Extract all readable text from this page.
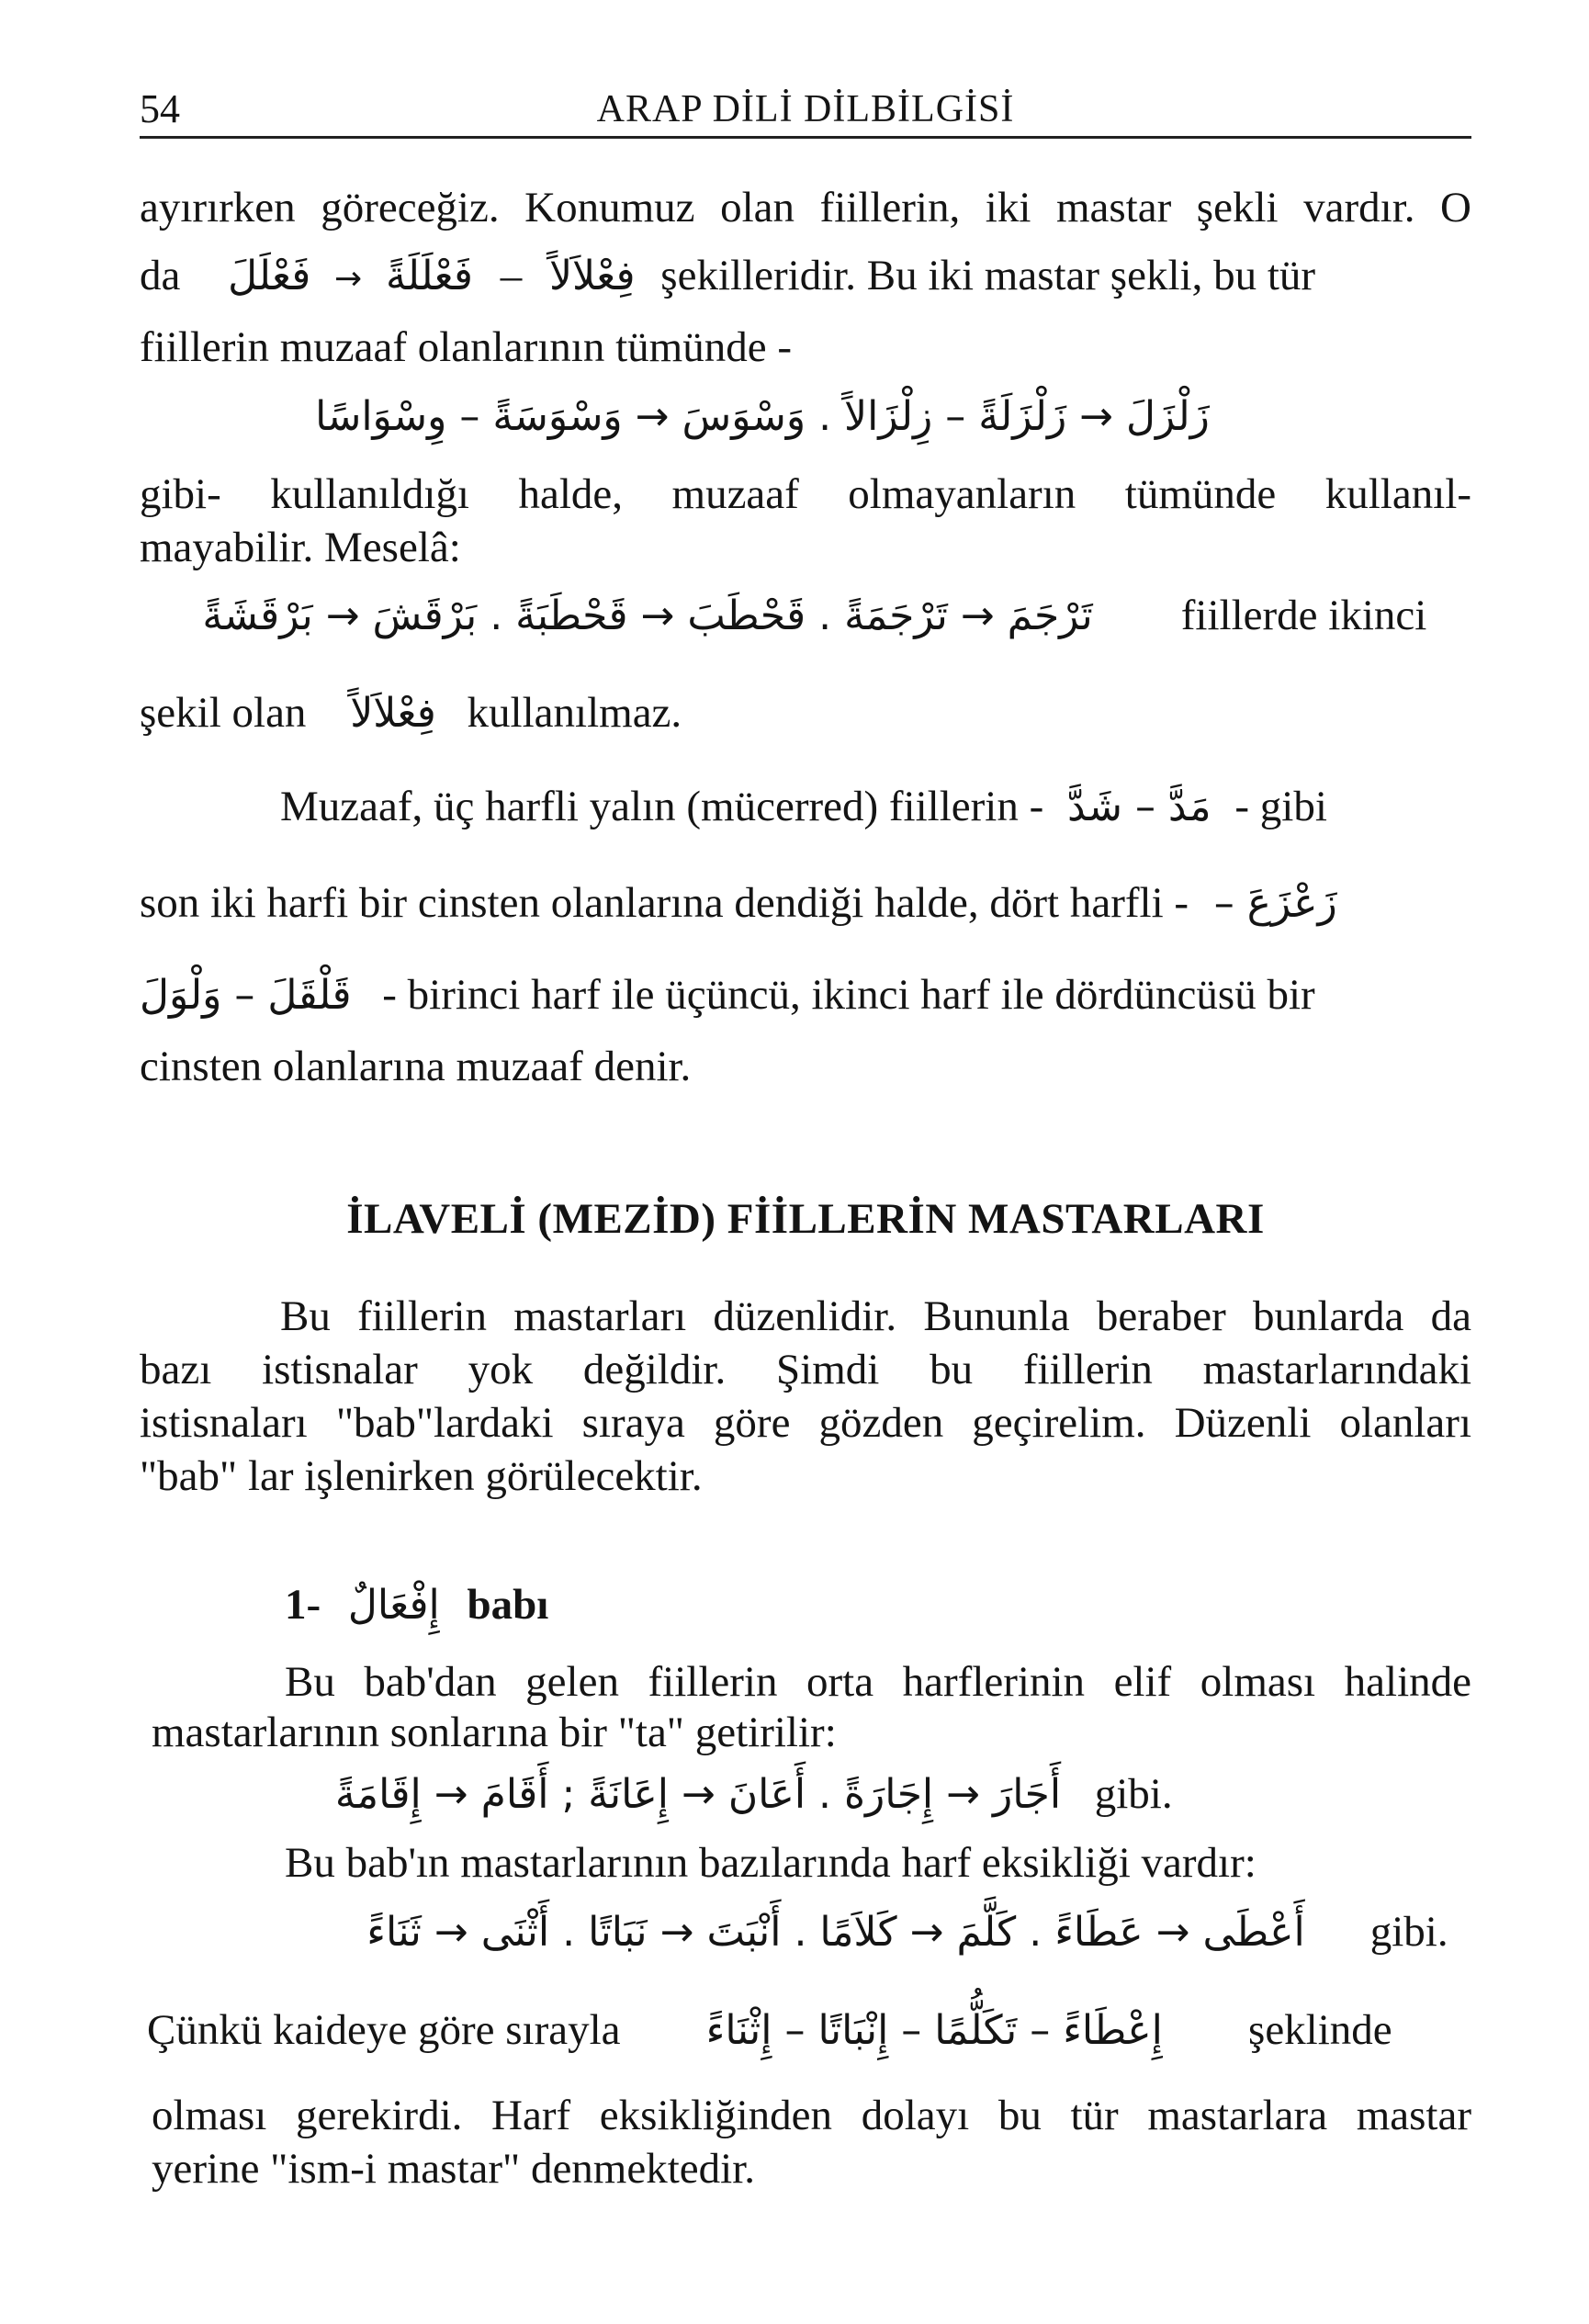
54	ARAP DİLİ DİLBİLGİSİ
ayırırken göreceğiz. Konumuz olan fiillerin, iki mastar şekli vardır. O
da فَعْلَلَ → فَعْلَلَةً – فِعْلاَلاً şekilleridir. Bu iki mastar şekli, bu tür
fiillerin muzaaf olanlarının tümünde -
زَلْزَلَ → زَلْزَلَةً – زِلْزَالاً . وَسْوَسَ → وَسْوَسَةً – وِسْوَاسًا
gibi- kullanıldığı halde, muzaaf olmayanların tümünde kullanıl-
mayabilir. Meselâ:
تَرْجَمَ → تَرْجَمَةً . قَحْطَبَ → قَحْطَبَةً . بَرْقَشَ → بَرْقَشَةً fiillerde ikinci
şekil olan فِعْلاَلاً kullanılmaz.
Muzaaf, üç harfli yalın (mücerred) fiillerin - مَدَّ – شَدَّ - gibi
son iki harfi bir cinsten olanlarına dendiği halde, dört harfli - زَعْزَعَ –
قَلْقَلَ – وَلْوَلَ - birinci harf ile üçüncü, ikinci harf ile dördüncüsü bir
cinsten olanlarına muzaaf denir.
İLAVELİ (MEZİD) FİİLLERİN MASTARLARI
Bu fiillerin mastarları düzenlidir. Bununla beraber bunlarda da
bazı istisnalar yok değildir. Şimdi bu fiillerin mastarlarındaki
istisnaları "bab"lardaki sıraya göre gözden geçirelim. Düzenli olanları
"bab" lar işlenirken görülecektir.
1- إِفْعَالٌ babı
Bu bab'dan gelen fiillerin orta harflerinin elif olması halinde
mastarlarının sonlarına bir "ta" getirilir:
أَجَارَ → إِجَارَةً . أَعَانَ → إِعَانَةً ; أَقَامَ → إِقَامَةً gibi.
Bu bab'ın mastarlarının bazılarında harf eksikliği vardır:
أَعْطَى → عَطَاءً . كَلَّمَ → كَلاَمًا . أَنْبَتَ → نَبَاتًا . أَثْنَى → ثَنَاءً gibi.
Çünkü kaideye göre sırayla إِعْطَاءً – تَكَلُّمًا – إِنْبَاتًا – إِثْنَاءً şeklinde
olması gerekirdi. Harf eksikliğinden dolayı bu tür mastarlara mastar
yerine "ism-i mastar" denmektedir.
